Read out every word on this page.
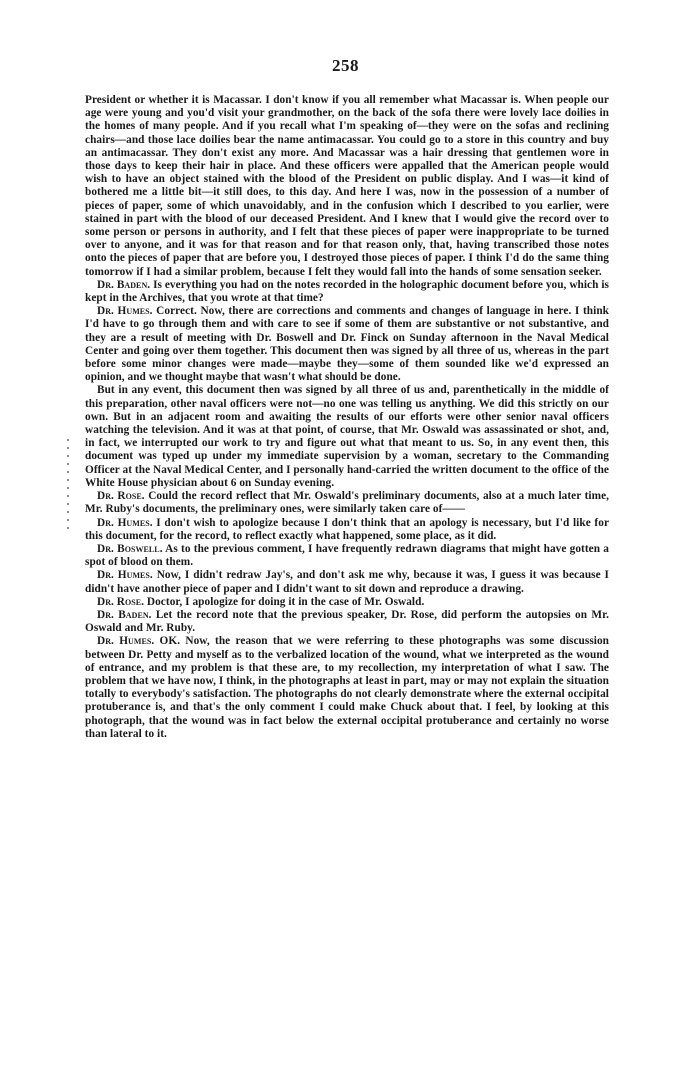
258

President or whether it is Macassar. I don't know if you all remember what Macassar is. When people our age were young and you'd visit your grandmother, on the back of the sofa there were lovely lace doilies in the homes of many people. And if you recall what I'm speaking of—they were on the sofas and reclining chairs—and those lace doilies bear the name antimacassar. You could go to a store in this country and buy an antimacassar. They don't exist any more. And Macassar was a hair dressing that gentlemen wore in those days to keep their hair in place. And these officers were appalled that the American people would wish to have an object stained with the blood of the President on public display. And I was—it kind of bothered me a little bit—it still does, to this day. And here I was, now in the possession of a number of pieces of paper, some of which unavoidably, and in the confusion which I described to you earlier, were stained in part with the blood of our deceased President. And I knew that I would give the record over to some person or persons in authority, and I felt that these pieces of paper were inappropriate to be turned over to anyone, and it was for that reason and for that reason only, that, having transcribed those notes onto the pieces of paper that are before you, I destroyed those pieces of paper. I think I'd do the same thing tomorrow if I had a similar problem, because I felt they would fall into the hands of some sensation seeker.

Dr. Baden. Is everything you had on the notes recorded in the holographic document before you, which is kept in the Archives, that you wrote at that time?

Dr. Humes. Correct. Now, there are corrections and comments and changes of language in here. I think I'd have to go through them and with care to see if some of them are substantive or not substantive, and they are a result of meeting with Dr. Boswell and Dr. Finck on Sunday afternoon in the Naval Medical Center and going over them together. This document then was signed by all three of us, whereas in the part before some minor changes were made—maybe they—some of them sounded like we'd expressed an opinion, and we thought maybe that wasn't what should be done.

But in any event, this document then was signed by all three of us and, parenthetically in the middle of this preparation, other naval officers were not—no one was telling us anything. We did this strictly on our own. But in an adjacent room and awaiting the results of our efforts were other senior naval officers watching the television. And it was at that point, of course, that Mr. Oswald was assassinated or shot, and, in fact, we interrupted our work to try and figure out what that meant to us. So, in any event then, this document was typed up under my immediate supervision by a woman, secretary to the Commanding Officer at the Naval Medical Center, and I personally hand-carried the written document to the office of the White House physician about 6 on Sunday evening.

Dr. Rose. Could the record reflect that Mr. Oswald's preliminary documents, also at a much later time, Mr. Ruby's documents, the preliminary ones, were similarly taken care of——

Dr. Humes. I don't wish to apologize because I don't think that an apology is necessary, but I'd like for this document, for the record, to reflect exactly what happened, some place, as it did.

Dr. Boswell. As to the previous comment, I have frequently redrawn diagrams that might have gotten a spot of blood on them.

Dr. Humes. Now, I didn't redraw Jay's, and don't ask me why, because it was, I guess it was because I didn't have another piece of paper and I didn't want to sit down and reproduce a drawing.

Dr. Rose. Doctor, I apologize for doing it in the case of Mr. Oswald.

Dr. Baden. Let the record note that the previous speaker, Dr. Rose, did perform the autopsies on Mr. Oswald and Mr. Ruby.

Dr. Humes. OK. Now, the reason that we were referring to these photographs was some discussion between Dr. Petty and myself as to the verbalized location of the wound, what we interpreted as the wound of entrance, and my problem is that these are, to my recollection, my interpretation of what I saw. The problem that we have now, I think, in the photographs at least in part, may or may not explain the situation totally to everybody's satisfaction. The photographs do not clearly demonstrate where the external occipital protuberance is, and that's the only comment I could make Chuck about that. I feel, by looking at this photograph, that the wound was in fact below the external occipital protuberance and certainly no worse than lateral to it.
